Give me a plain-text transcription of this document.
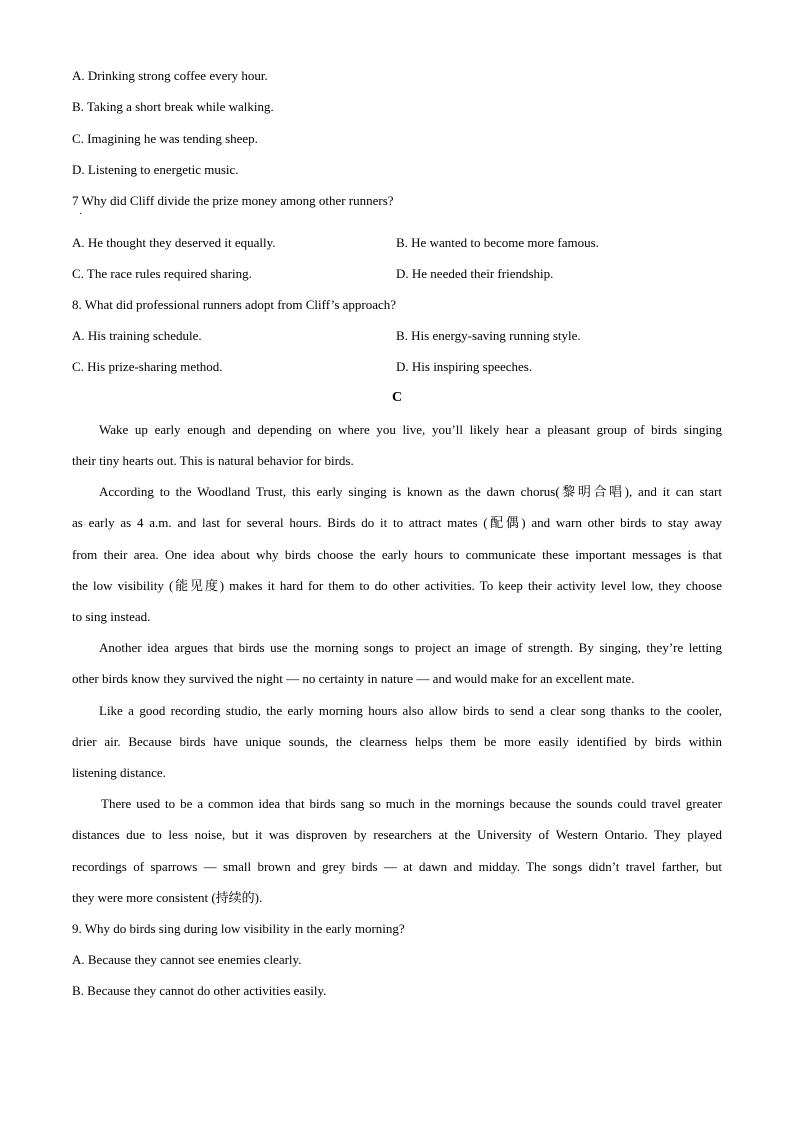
A. Drinking strong coffee every hour.
B. Taking a short break while walking.
C. Imagining he was tending sheep.
D. Listening to energetic music.
7 Why did Cliff divide the prize money among other runners?
·
A. He thought they deserved it equally.	B. He wanted to become more famous.
C. The race rules required sharing.	D. He needed their friendship.
8. What did professional runners adopt from Cliff’s approach?
A. His training schedule.	B. His energy-saving running style.
C. His prize-sharing method.	D. His inspiring speeches.
C
Wake up early enough and depending on where you live, you’ll likely hear a pleasant group of birds singing
their tiny hearts out. This is natural behavior for birds.
According to the Woodland Trust, this early singing is known as the dawn chorus(黎明合唱), and it can start
as early as 4 a.m. and last for several hours. Birds do it to attract mates (配偶) and warn other birds to stay away
from their area. One idea about why birds choose the early hours to communicate these important messages is that
the low visibility (能见度) makes it hard for them to do other activities. To keep their activity level low, they choose
to sing instead.
Another idea argues that birds use the morning songs to project an image of strength. By singing, they’re letting
other birds know they survived the night — no certainty in nature — and would make for an excellent mate.
Like a good recording studio, the early morning hours also allow birds to send a clear song thanks to the cooler,
drier air. Because birds have unique sounds, the clearness helps them be more easily identified by birds within
listening distance.
There used to be a common idea that birds sang so much in the mornings because the sounds could travel greater
distances due to less noise, but it was disproven by researchers at the University of Western Ontario. They played
recordings of sparrows — small brown and grey birds — at dawn and midday. The songs didn’t travel farther, but
they were more consistent (持续的).
9. Why do birds sing during low visibility in the early morning?
A. Because they cannot see enemies clearly.
B. Because they cannot do other activities easily.
